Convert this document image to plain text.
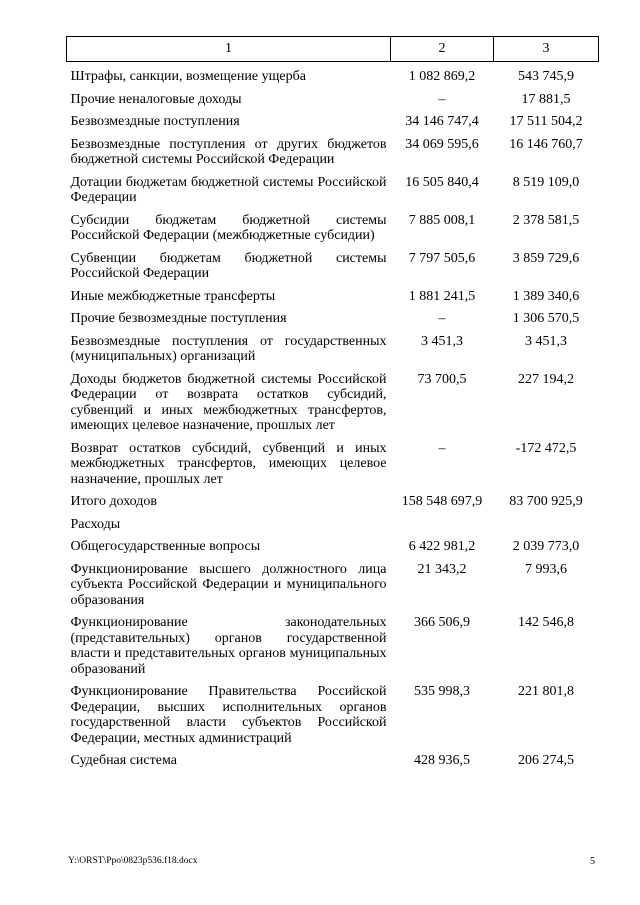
1	2	3
Штрафы, санкции, возмещение ущерба	1 082 869,2	543 745,9
Прочие неналоговые доходы	–	17 881,5
Безвозмездные поступления	34 146 747,4	17 511 504,2
Безвозмездные поступления от других бюджетов бюджетной системы Российской Федерации	34 069 595,6	16 146 760,7
Дотации бюджетам бюджетной системы Российской Федерации	16 505 840,4	8 519 109,0
Субсидии бюджетам бюджетной системы Российской Федерации (межбюджетные субсидии)	7 885 008,1	2 378 581,5
Субвенции бюджетам бюджетной системы Российской Федерации	7 797 505,6	3 859 729,6
Иные межбюджетные трансферты	1 881 241,5	1 389 340,6
Прочие безвозмездные поступления	–	1 306 570,5
Безвозмездные поступления от государственных (муниципальных) организаций	3 451,3	3 451,3
Доходы бюджетов бюджетной системы Российской Федерации от возврата остатков субсидий, субвенций и иных межбюджетных трансфертов, имеющих целевое назначение, прошлых лет	73 700,5	227 194,2
Возврат остатков субсидий, субвенций и иных межбюджетных трансфертов, имеющих целевое назначение, прошлых лет	–	-172 472,5
Итого доходов	158 548 697,9	83 700 925,9
Расходы		
Общегосударственные вопросы	6 422 981,2	2 039 773,0
Функционирование высшего должностного лица субъекта Российской Федерации и муниципального образования	21 343,2	7 993,6
Функционирование законодательных (представительных) органов государственной власти и представительных органов муниципальных образований	366 506,9	142 546,8
Функционирование Правительства Российской Федерации, высших исполнительных органов государственной власти субъектов Российской Федерации, местных администраций	535 998,3	221 801,8
Судебная система	428 936,5	206 274,5
Y:\ORST\Ppo\0823p536.f18.docx	5
